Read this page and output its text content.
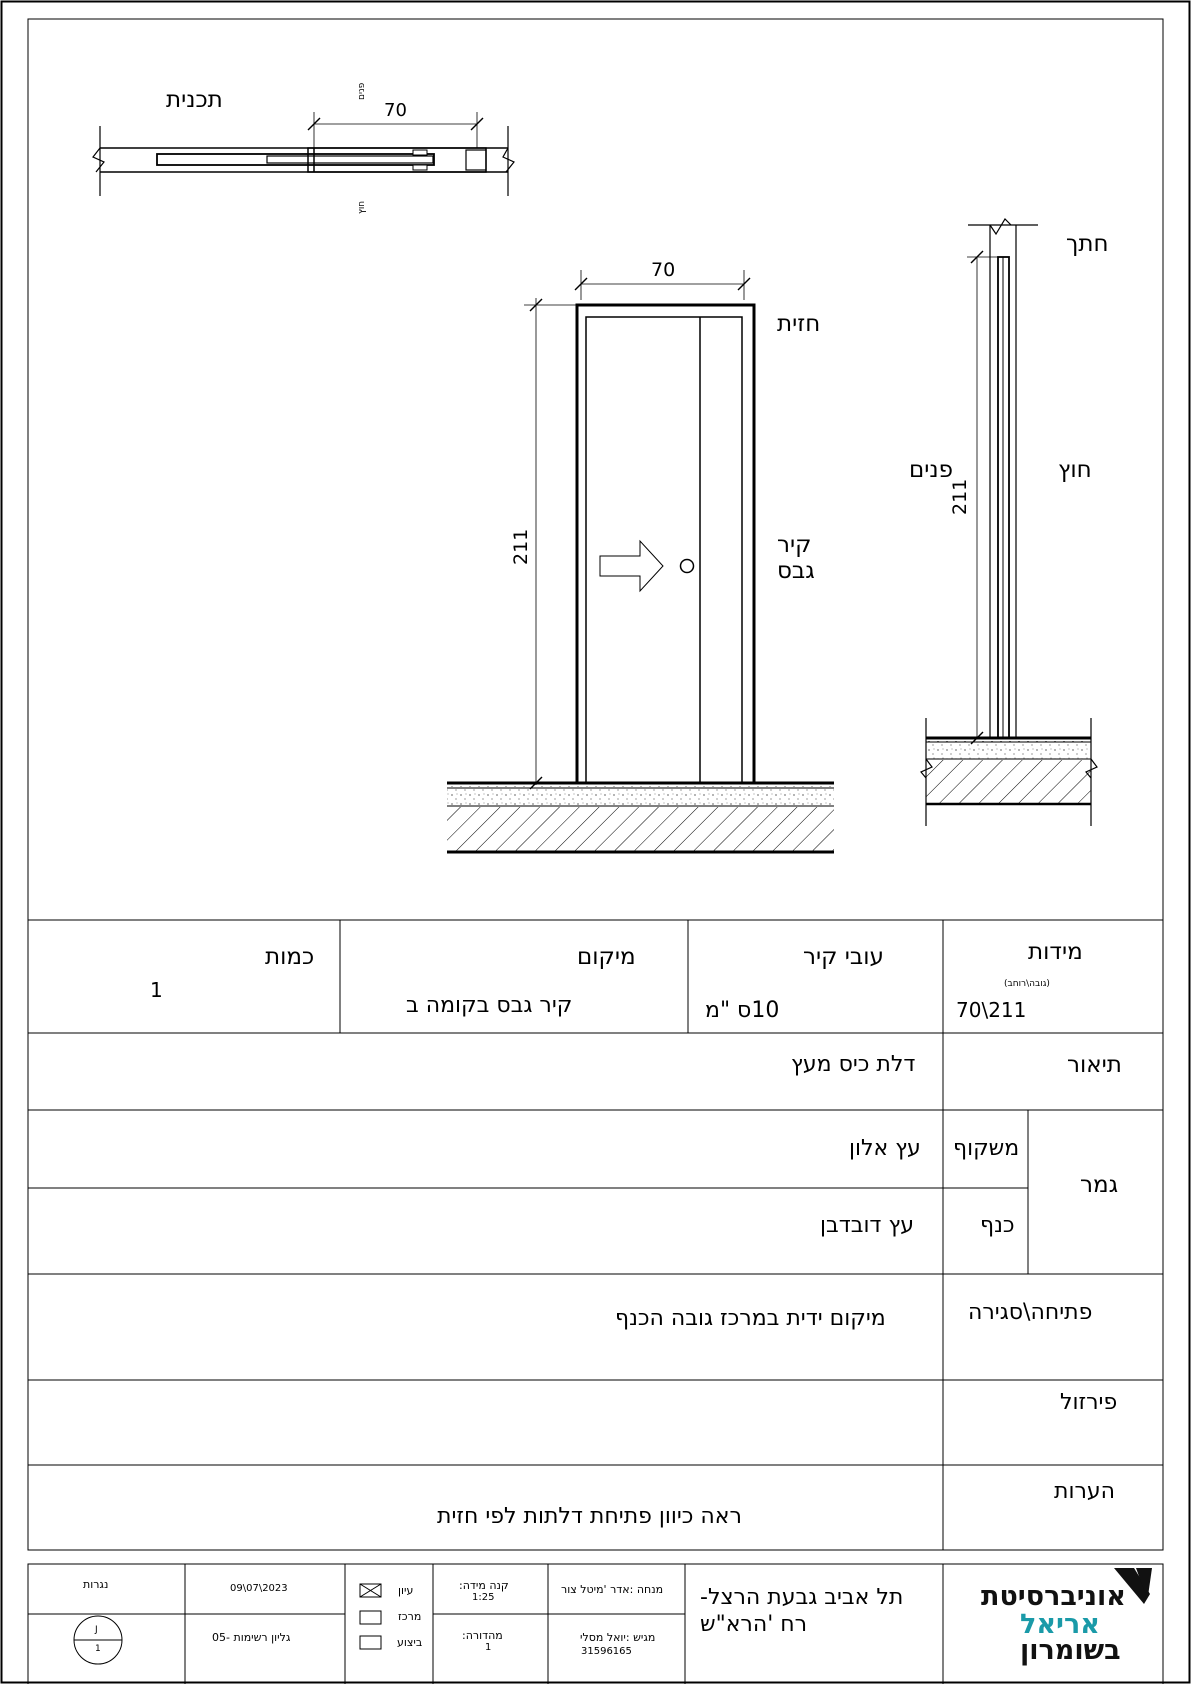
תכנית	70
פנים
חוץ
70
211
חזית
קיר
גבס
חתך
פנים	חוץ
211
מידות
(גובה\רוחב)
70\211
עובי קיר
10ס "מ
מיקום
קיר גבס בקומה ב
כמות
1
תיאור
דלת כיס מעץ
גמר
משקוף
עץ אלון
כנף
עץ דובדבן
פתיחה\סגירה
מיקום ידית במרכז גובה הכנף
פירזול
הערות
ראה כיוון פתיחת דלתות לפי חזית
אוניברסיטת
אריאל
בשומרון
תל אביב גבעת הרצל-
רח 'הרא"ש
מנחה :אדר 'מיטל צור
מגיש :יואל מסלי
31596165
קנה מידה:
1:25
מהדורה:
1
עיון
מרכז
ביצוע
09\07\2023
גליון רשימות -05
נגרות
J
1
